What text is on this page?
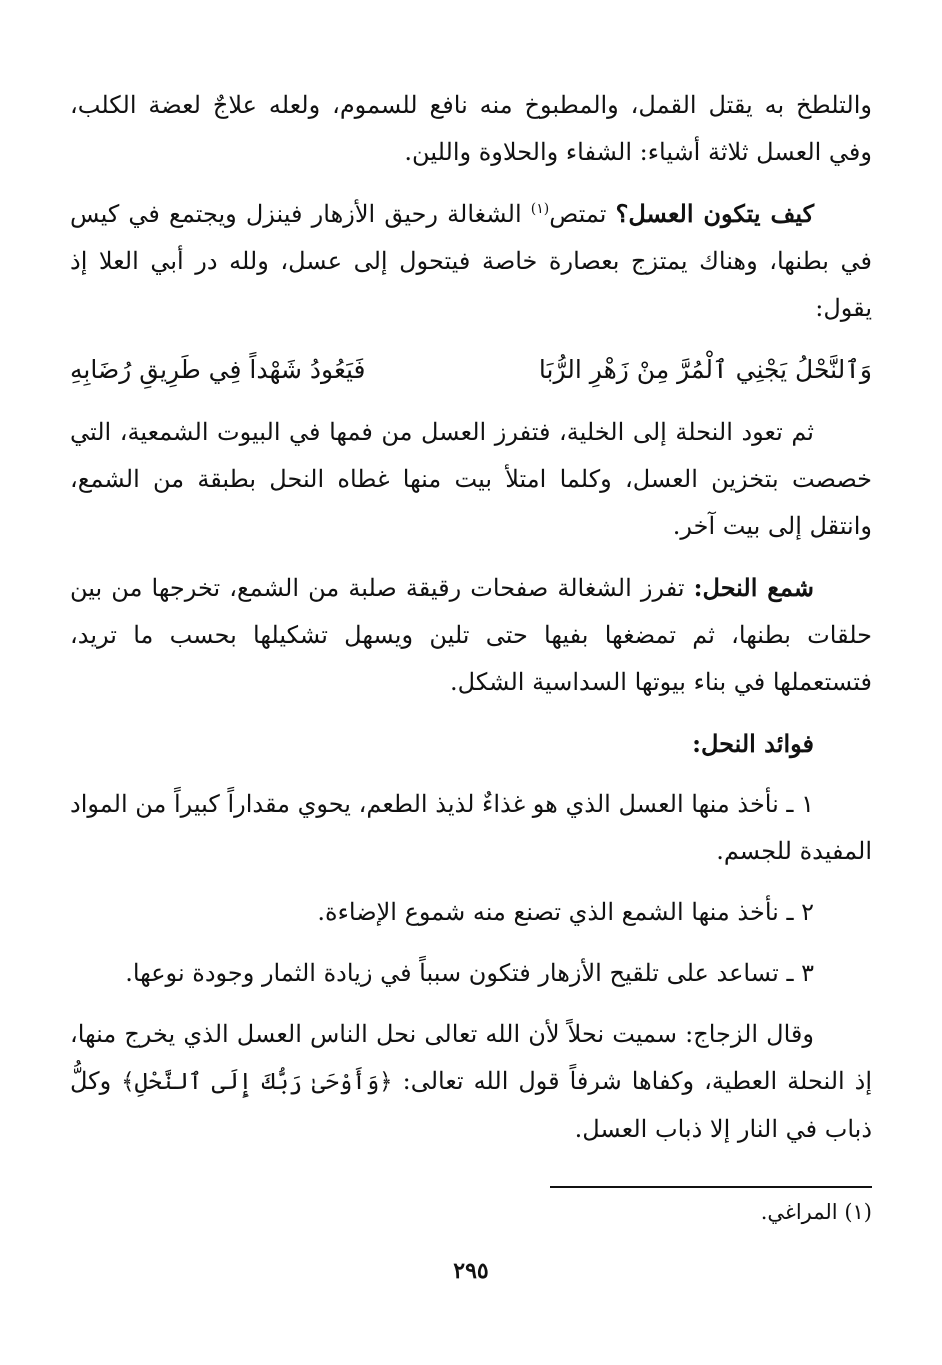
والتلطخ به يقتل القمل، والمطبوخ منه نافع للسموم، ولعله علاجٌ لعضة الكلب، وفي العسل ثلاثة أشياء: الشفاء والحلاوة واللين.

كيف يتكون العسل؟ تمتص$^{(١)}$ الشغالة رحيق الأزهار فينزل ويجتمع في كيس في بطنها، وهناك يمتزج بعصارة خاصة فيتحول إلى عسل، ولله در أبي العلا إذ يقول:

وَٱلنَّحْلُ يَجْنِي ٱلْمُرَّ مِنْ زَهْرِ الرُّبَا
فَيَعُودُ شَهْداً فِي طَرِيقِ رُضَابِهِ

ثم تعود النحلة إلى الخلية، فتفرز العسل من فمها في البيوت الشمعية، التي خصصت بتخزين العسل، وكلما امتلأ بيت منها غطاه النحل بطبقة من الشمع، وانتقل إلى بيت آخر.

شمع النحل: تفرز الشغالة صفحات رقيقة صلبة من الشمع، تخرجها من بين حلقات بطنها، ثم تمضغها بفيها حتى تلين ويسهل تشكيلها بحسب ما تريد، فتستعملها في بناء بيوتها السداسية الشكل.

فوائد النحل:

١ ـ نأخذ منها العسل الذي هو غذاءٌ لذيذ الطعم، يحوي مقداراً كبيراً من المواد المفيدة للجسم.

٢ ـ نأخذ منها الشمع الذي تصنع منه شموع الإضاءة.

٣ ـ تساعد على تلقيح الأزهار فتكون سبباً في زيادة الثمار وجودة نوعها.

وقال الزجاج: سميت نحلاً لأن الله تعالى نحل الناس العسل الذي يخرج منها، إذ النحلة العطية، وكفاها شرفاً قول الله تعالى: ﴿وَأَوْحَىٰ رَبُّكَ إِلَى ٱلنَّحْلِ﴾ وكلُّ ذباب في النار إلا ذباب العسل.

(١) المراغي.
٢٩٥
